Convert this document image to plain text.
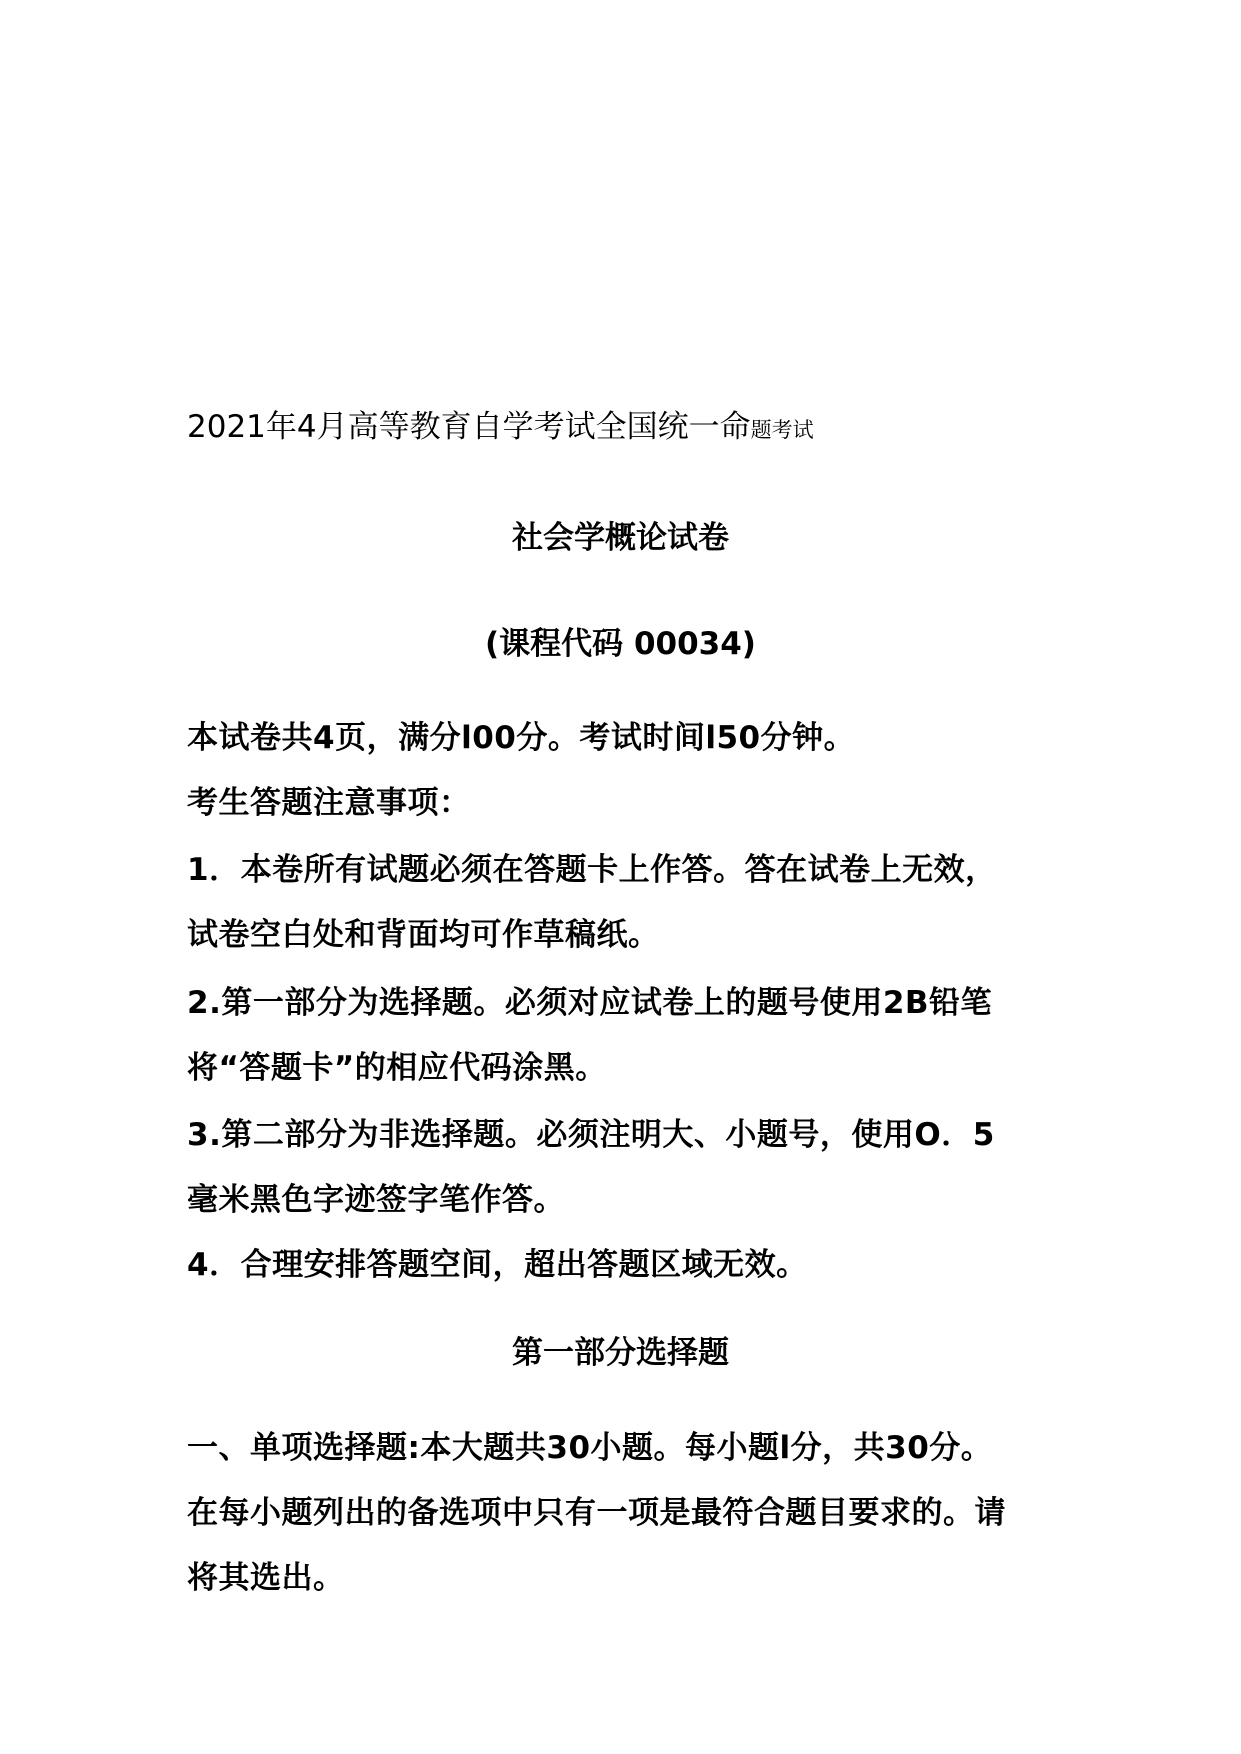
2021年4月高等教育自学考试全国统一命题考试
社会学概论试卷
(课程代码 00034)
本试卷共4页，满分l00分。考试时间l50分钟。
考生答题注意事项：
1．本卷所有试题必须在答题卡上作答。答在试卷上无效，
试卷空白处和背面均可作草稿纸。
2.第一部分为选择题。必须对应试卷上的题号使用2B铅笔
将“答题卡”的相应代码涂黑。
3.第二部分为非选择题。必须注明大、小题号，使用O．5
毫米黑色字迹签字笔作答。
4．合理安排答题空间，超出答题区域无效。
第一部分选择题
一、单项选择题:本大题共30小题。每小题l分，共30分。
在每小题列出的备选项中只有一项是最符合题目要求的。请
将其选出。
